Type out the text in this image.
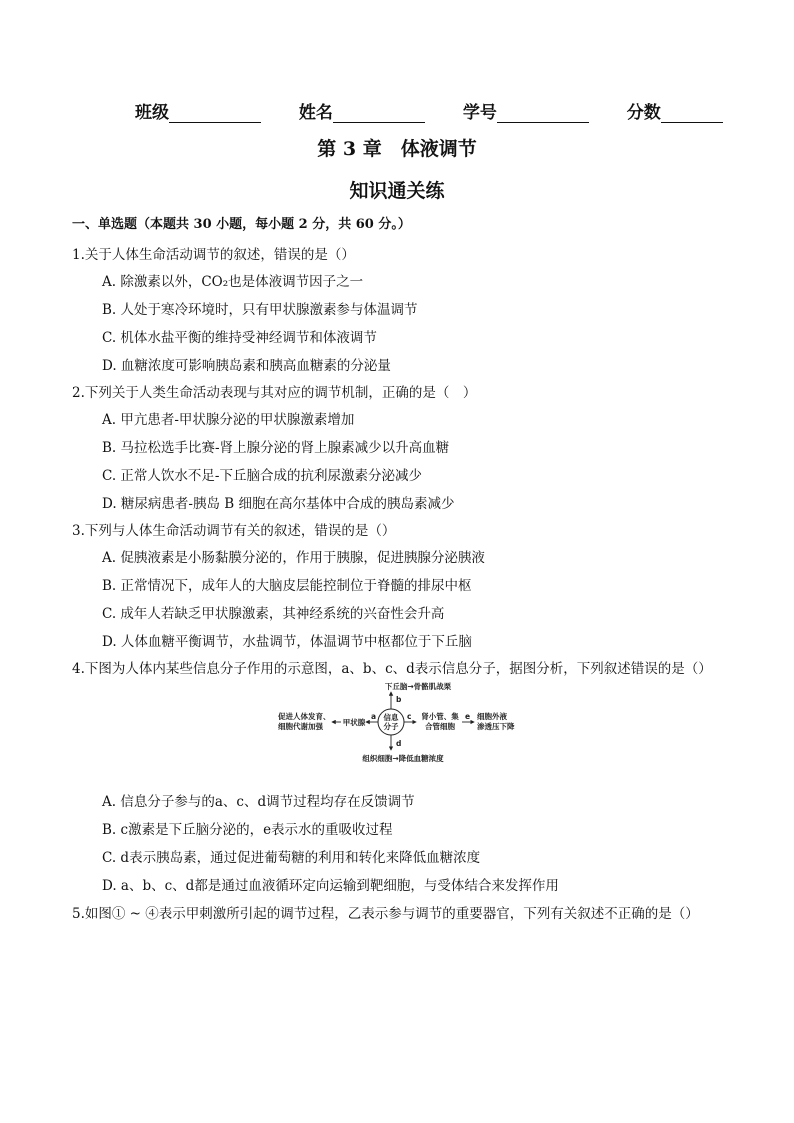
班级	姓名	学号	分数
第 3 章　体液调节
知识通关练
一、单选题（本题共 30 小题，每小题 2 分，共 60 分。）
1.关于人体生命活动调节的叙述，错误的是（）
A. 除激素以外，CO₂也是体液调节因子之一
B. 人处于寒冷环境时，只有甲状腺激素参与体温调节
C. 机体水盐平衡的维持受神经调节和体液调节
D. 血糖浓度可影响胰岛素和胰高血糖素的分泌量
2.下列关于人类生命活动表现与其对应的调节机制，正确的是（　）
A. 甲亢患者-甲状腺分泌的甲状腺激素增加
B. 马拉松选手比赛-肾上腺分泌的肾上腺素减少以升高血糖
C. 正常人饮水不足-下丘脑合成的抗利尿激素分泌减少
D. 糖尿病患者-胰岛 B 细胞在高尔基体中合成的胰岛素减少
3.下列与人体生命活动调节有关的叙述，错误的是（）
A. 促胰液素是小肠黏膜分泌的，作用于胰腺，促进胰腺分泌胰液
B. 正常情况下，成年人的大脑皮层能控制位于脊髓的排尿中枢
C. 成年人若缺乏甲状腺激素，其神经系统的兴奋性会升高
D. 人体血糖平衡调节，水盐调节，体温调节中枢都位于下丘脑
4.下图为人体内某些信息分子作用的示意图，a、b、c、d表示信息分子，据图分析，下列叙述错误的是（）
信息
分子
b
下丘脑→骨骼肌战栗
a
甲状腺
促进人体发育、
细胞代谢加强
c 肾小管、集
合管细胞
e 细胞外液
渗透压下降
d
组织细胞→降低血糖浓度
A. 信息分子参与的a、c、d调节过程均存在反馈调节
B. c激素是下丘脑分泌的，e表示水的重吸收过程
C. d表示胰岛素，通过促进葡萄糖的利用和转化来降低血糖浓度
D. a、b、c、d都是通过血液循环定向运输到靶细胞，与受体结合来发挥作用
5.如图① ~ ④表示甲刺激所引起的调节过程，乙表示参与调节的重要器官，下列有关叙述不正确的是（）
